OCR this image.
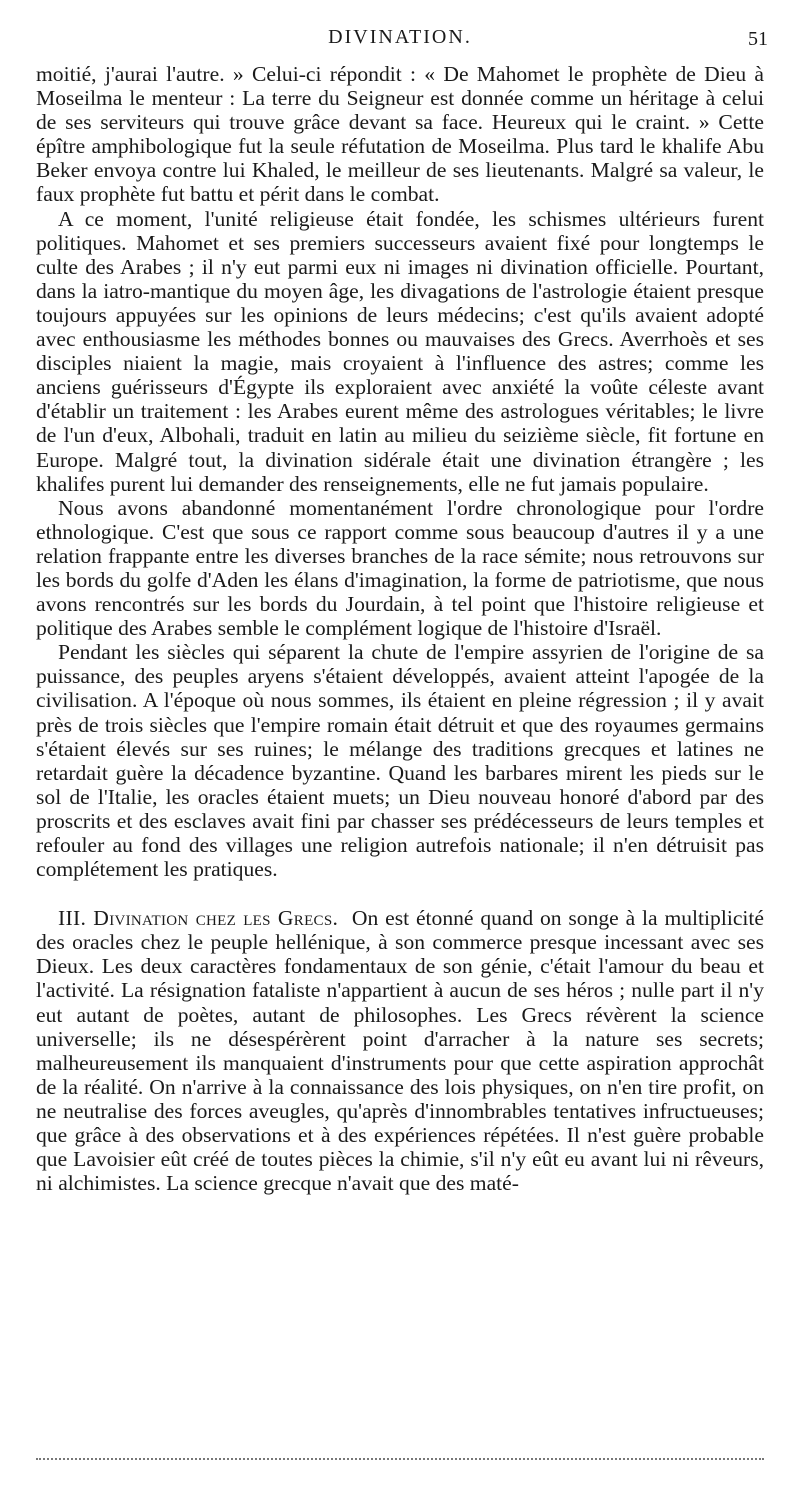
DIVINATION.	51

moitié, j'aurai l'autre. » Celui-ci répondit : « De Mahomet le prophète de Dieu à Moseilma le menteur : La terre du Seigneur est donnée comme un héritage à celui de ses serviteurs qui trouve grâce devant sa face. Heureux qui le craint. » Cette épître amphibologique fut la seule réfutation de Moseilma. Plus tard le khalife Abu Beker envoya contre lui Khaled, le meilleur de ses lieutenants. Malgré sa valeur, le faux prophète fut battu et périt dans le combat.

A ce moment, l'unité religieuse était fondée, les schismes ultérieurs furent politiques. Mahomet et ses premiers successeurs avaient fixé pour longtemps le culte des Arabes ; il n'y eut parmi eux ni images ni divination officielle. Pourtant, dans la iatro-mantique du moyen âge, les divagations de l'astrologie étaient presque toujours appuyées sur les opinions de leurs médecins; c'est qu'ils avaient adopté avec enthousiasme les méthodes bonnes ou mauvaises des Grecs. Averrhoès et ses disciples niaient la magie, mais croyaient à l'influence des astres; comme les anciens guérisseurs d'Égypte ils exploraient avec anxiété la voûte céleste avant d'établir un traitement : les Arabes eurent même des astrologues véritables; le livre de l'un d'eux, Albohali, traduit en latin au milieu du seizième siècle, fit fortune en Europe. Malgré tout, la divination sidérale était une divination étrangère ; les khalifes purent lui demander des renseignements, elle ne fut jamais populaire.

Nous avons abandonné momentanément l'ordre chronologique pour l'ordre ethnologique. C'est que sous ce rapport comme sous beaucoup d'autres il y a une relation frappante entre les diverses branches de la race sémite; nous retrouvons sur les bords du golfe d'Aden les élans d'imagination, la forme de patriotisme, que nous avons rencontrés sur les bords du Jourdain, à tel point que l'histoire religieuse et politique des Arabes semble le complément logique de l'histoire d'Israël.

Pendant les siècles qui séparent la chute de l'empire assyrien de l'origine de sa puissance, des peuples aryens s'étaient développés, avaient atteint l'apogée de la civilisation. A l'époque où nous sommes, ils étaient en pleine régression ; il y avait près de trois siècles que l'empire romain était détruit et que des royaumes germains s'étaient élevés sur ses ruines; le mélange des traditions grecques et latines ne retardait guère la décadence byzantine. Quand les barbares mirent les pieds sur le sol de l'Italie, les oracles étaient muets; un Dieu nouveau honoré d'abord par des proscrits et des esclaves avait fini par chasser ses prédécesseurs de leurs temples et refouler au fond des villages une religion autrefois nationale; il n'en détruisit pas complétement les pratiques.

III. Divination chez les Grecs. On est étonné quand on songe à la multiplicité des oracles chez le peuple hellénique, à son commerce presque incessant avec ses Dieux. Les deux caractères fondamentaux de son génie, c'était l'amour du beau et l'activité. La résignation fataliste n'appartient à aucun de ses héros ; nulle part il n'y eut autant de poètes, autant de philosophes. Les Grecs révèrent la science universelle; ils ne désespérèrent point d'arracher à la nature ses secrets; malheureusement ils manquaient d'instruments pour que cette aspiration approchât de la réalité. On n'arrive à la connaissance des lois physiques, on n'en tire profit, on ne neutralise des forces aveugles, qu'après d'innombrables tentatives infructueuses; que grâce à des observations et à des expériences répétées. Il n'est guère probable que Lavoisier eût créé de toutes pièces la chimie, s'il n'y eût eu avant lui ni rêveurs, ni alchimistes. La science grecque n'avait que des maté-
